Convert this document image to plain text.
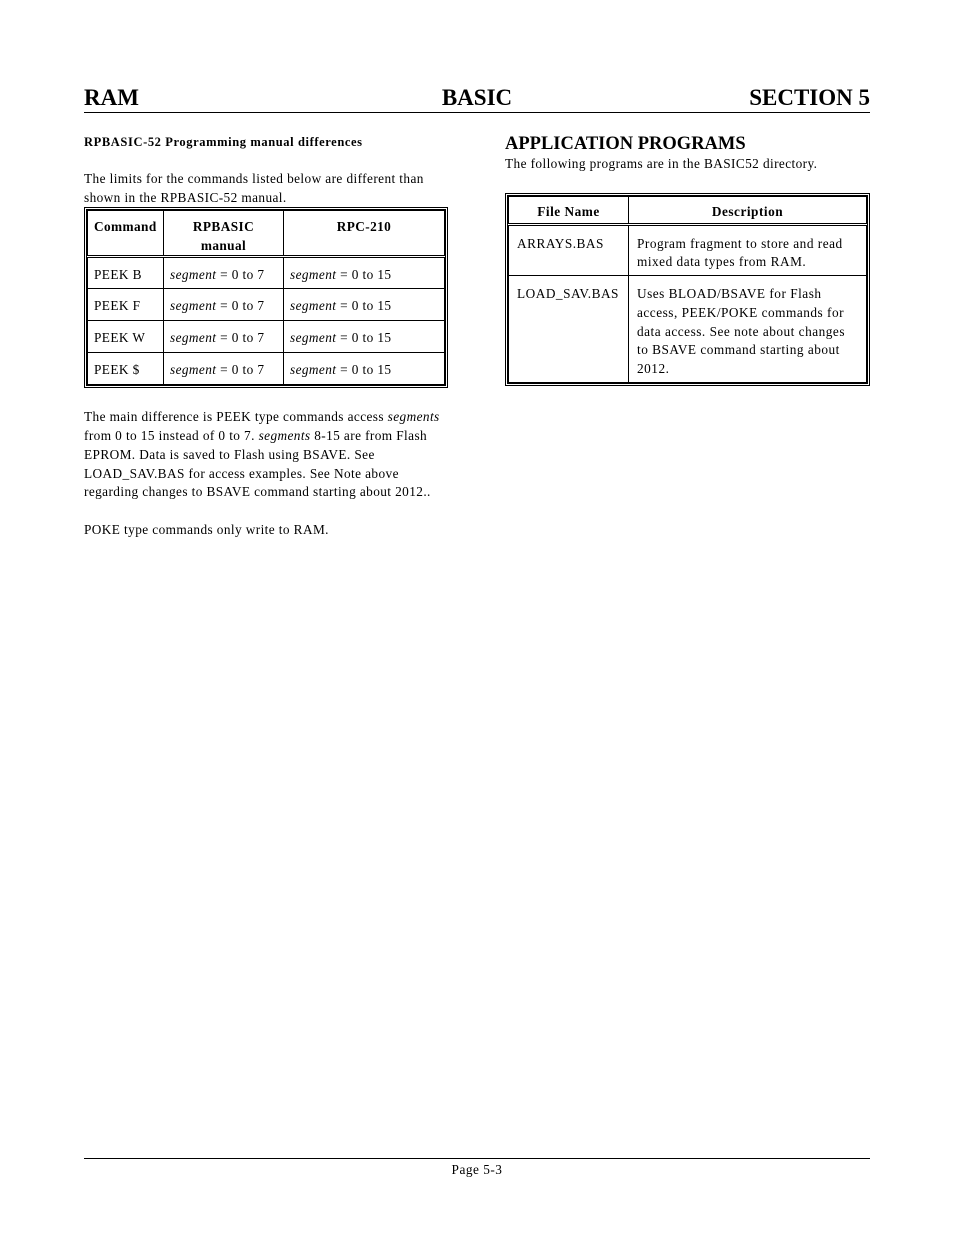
RAM	BASIC	SECTION 5
RPBASIC-52 Programming manual differences

The limits for the commands listed below are different than shown in the RPBASIC-52 manual.

Command	RPBASIC manual	RPC-210
PEEK B	segment = 0 to 7	segment = 0 to 15
PEEK F	segment = 0 to 7	segment = 0 to 15
PEEK W	segment = 0 to 7	segment = 0 to 15
PEEK $	segment = 0 to 7	segment = 0 to 15

The main difference is PEEK type commands access segments from 0 to 15 instead of 0 to 7. segments 8-15 are from Flash EPROM. Data is saved to Flash using BSAVE. See LOAD_SAV.BAS for access examples. See Note above regarding changes to BSAVE command starting about 2012..

POKE type commands only write to RAM.

APPLICATION PROGRAMS

The following programs are in the BASIC52 directory.

File Name	Description
ARRAYS.BAS	Program fragment to store and read mixed data types from RAM.
LOAD_SAV.BAS	Uses BLOAD/BSAVE for Flash access, PEEK/POKE commands for data access. See note about changes to BSAVE command starting about 2012.
Page 5-3
